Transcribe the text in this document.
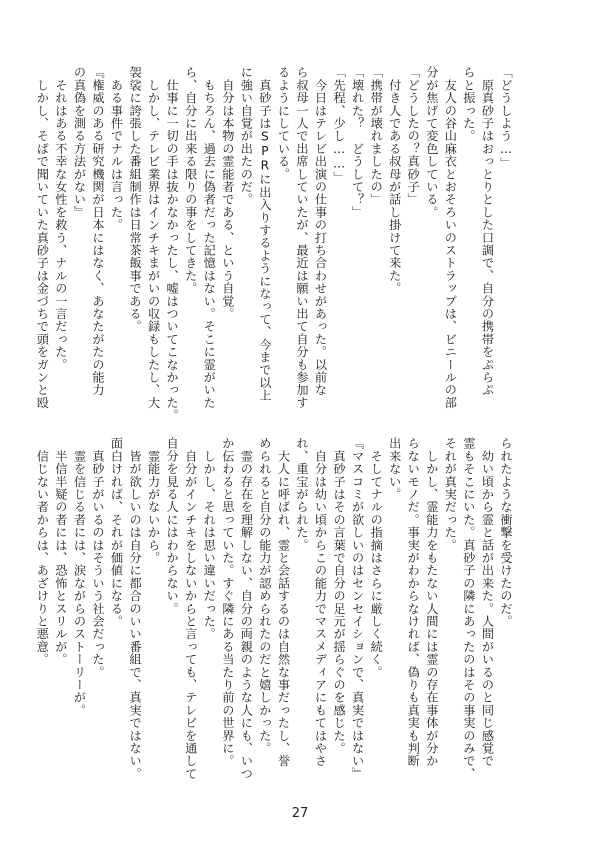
「どうしよう…」
　原真砂子はおっとりとした口調で、自分の携帯をぷらぷ
らと振った。
　友人の谷山麻衣とおそろいのストラップは、ビニールの部
分が焦げて変色している。
「どうしたの？真砂子」
　付き人である叔母が話し掛けて来た。
「携帯が壊れましたの」
「壊れた？　どうして？」
「先程、少し……」
　今日はテレビ出演の仕事の打ち合わせがあった。以前な
ら叔母一人で出席していたが、最近は願い出て自分も参加す
るようにしている。
　真砂子はSPRに出入りするようになって、今まで以上
に強い自覚が出たのだ。
　自分は本物の霊能者である、という自覚。
　もちろん、過去に偽者だった記憶はない。そこに霊がいた
ら、自分に出来る限りの事をしてきた。
　仕事に一切の手は抜かなかったし、嘘はついてこなかった。
　しかし、テレビ業界はインチキまがいの収録もしたし、大
袈裟に誇張した番組制作は日常茶飯事である。
　ある事件でナルは言った。
『権威のある研究機関が日本にはなく、あなたがたの能力
の真偽を測る方法がない』
　それはある不幸な女性を救う、ナルの一言だった。
　しかし、そばで聞いていた真砂子は金づちで頭をガンと殴
られたような衝撃を受けたのだ。
　幼い頃から霊と話が出来た。人間がいるのと同じ感覚で
霊もそこにいた。真砂子の隣にあったのはその事実のみで、
それが真実だった。
　しかし、霊能力をもたない人間には霊の存在事体が分か
らないモノだ。事実がわからなければ、偽りも真実も判断
出来ない。
　そしてナルの指摘はさらに厳しく続く。
『マスコミが欲しいのはセンセイションで、真実ではない』
　真砂子はその言葉で自分の足元が揺らぐのを感じた。
　自分は幼い頃からこの能力でマスメディアにもてはやさ
れ、重宝がられた。
　大人に呼ばれ、霊と会話するのは自然な事だったし、誉
められると自分の能力が認められたのだと嬉しかった。
　霊の存在を理解しない、自分の両親のような人にも、いつ
か伝わると思っていた。すぐ隣にある当たり前の世界に。
　しかし、それは思い違いだった。
　自分がインチキをしないからと言っても、テレビを通して
自分を見る人にはわからない。
　霊能力がないから。
　皆が欲しいのは自分に都合のいい番組で、真実ではない。
面白ければ、それが価値になる。
　真砂子がいるのはそういう社会だった。
　霊を信じる者には、涙ながらのストーリーが。
　半信半疑の者には、恐怖とスリルが。
　信じない者からは、あざけりと悪意。
27
